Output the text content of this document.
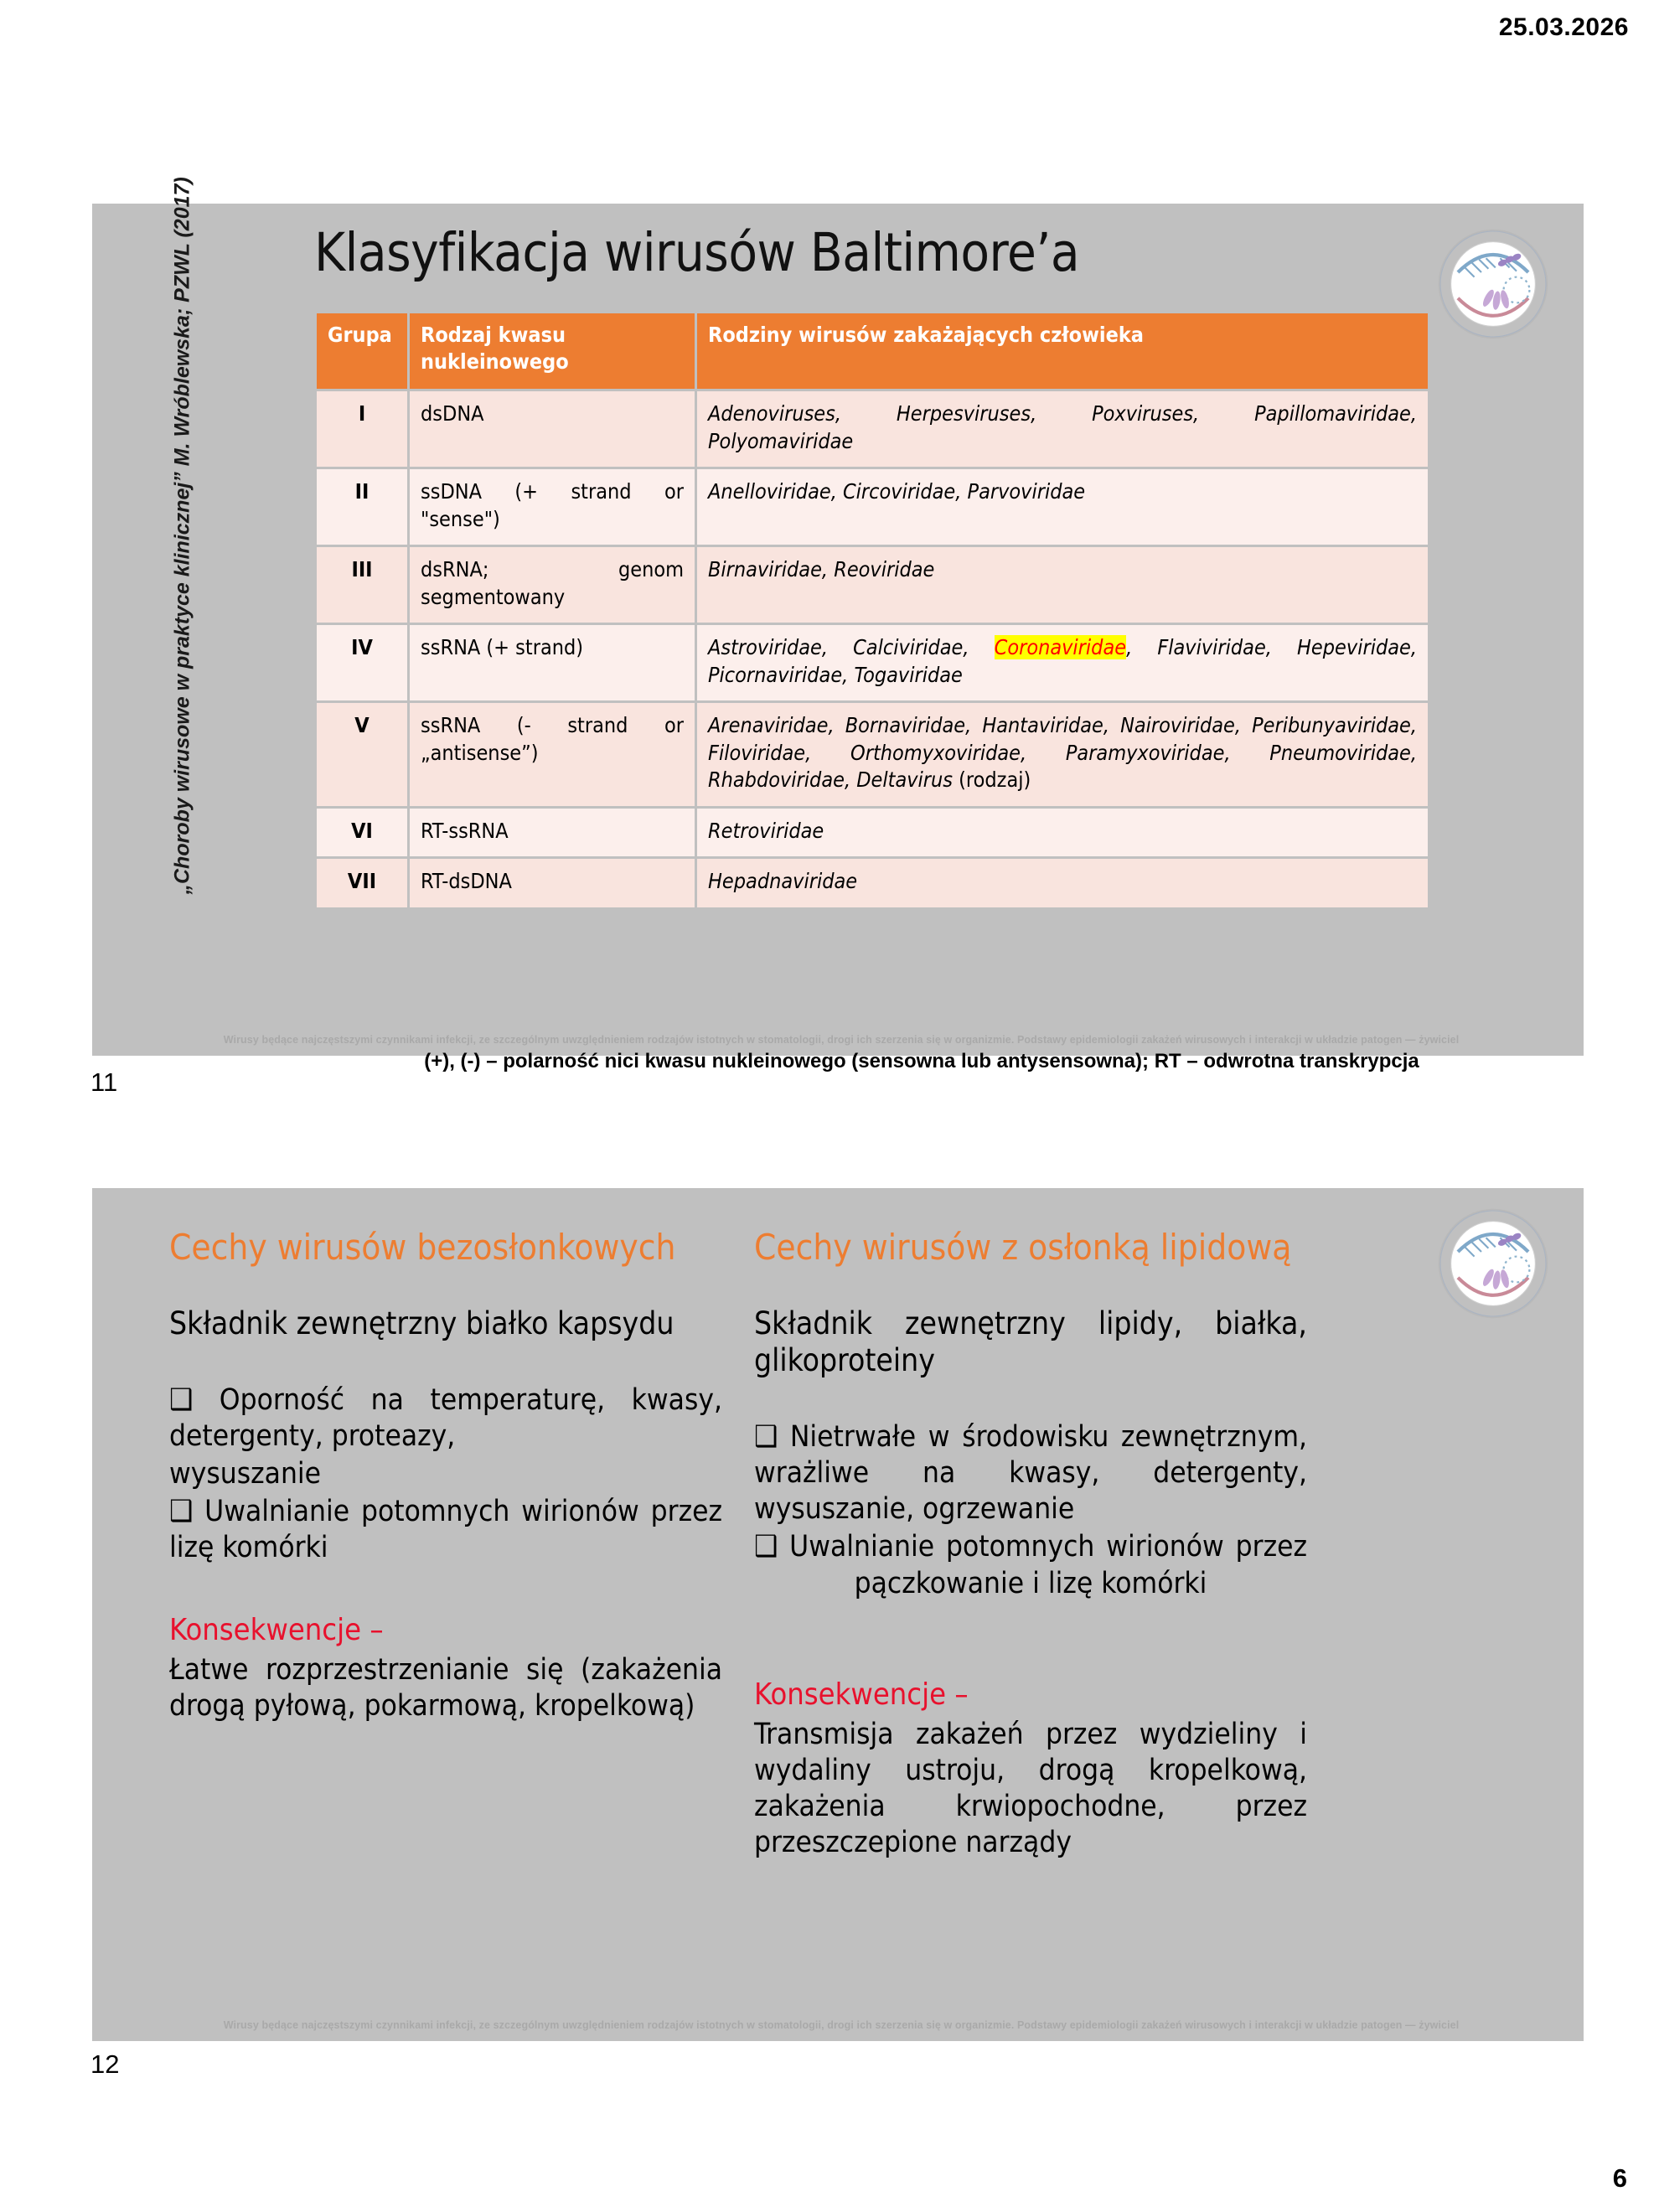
25.03.2026
„Choroby wirusowe w praktyce klinicznej” M. Wróblewska; PZWL (2017) Klasyfikacja wirusów Baltimore’a
Grupa	Rodzaj kwasu nukleinowego	Rodziny wirusów zakażających człowieka
I	dsDNA	Adenoviruses, Herpesviruses, Poxviruses, Papillomaviridae, Polyomaviridae
II	ssDNA (+ strand or "sense")	Anelloviridae, Circoviridae, Parvoviridae
III	dsRNA; genom segmentowany	Birnaviridae, Reoviridae
IV	ssRNA (+ strand)	Astroviridae, Calciviridae, Coronaviridae, Flaviviridae, Hepeviridae, Picornaviridae, Togaviridae
V	ssRNA (- strand or „antisense”)	Arenaviridae, Bornaviridae, Hantaviridae, Nairoviridae, Peribunyaviridae, Filoviridae, Orthomyxoviridae, Paramyxoviridae, Pneumoviridae, Rhabdoviridae, Deltavirus (rodzaj)
VI	RT-ssRNA	Retroviridae
VII	RT-dsDNA	Hepadnaviridae
(+), (-) – polarność nici kwasu nukleinowego (sensowna lub antysensowna); RT – odwrotna transkrypcja
Wirusy będące najczęstszymi czynnikami infekcji, ze szczególnym uwzględnieniem rodzajów istotnych w stomatologii, drogi ich szerzenia się w organizmie. Podstawy epidemiologii zakażeń wirusowych i interakcji w układzie patogen — żywiciel
11
Cechy wirusów bezosłonkowych
Składnik zewnętrzny białko kapsydu
❑ Oporność na temperaturę, kwasy, detergenty, proteazy,
wysuszanie
❑ Uwalnianie potomnych wirionów przez lizę komórki
Konsekwencje –
Łatwe rozprzestrzenianie się (zakażenia drogą pyłową, pokarmową, kropelkową)
Cechy wirusów z osłonką lipidową
Składnik zewnętrzny lipidy, białka, glikoproteiny
❑ Nietrwałe w środowisku zewnętrznym, wrażliwe na kwasy, detergenty, wysuszanie, ogrzewanie
❑ Uwalnianie potomnych wirionów przez pączkowanie i lizę komórki
Konsekwencje –
Transmisja zakażeń przez wydzieliny i wydaliny ustroju, drogą kropelkową, zakażenia krwiopochodne, przez przeszczepione narządy
Wirusy będące najczęstszymi czynnikami infekcji, ze szczególnym uwzględnieniem rodzajów istotnych w stomatologii, drogi ich szerzenia się w organizmie. Podstawy epidemiologii zakażeń wirusowych i interakcji w układzie patogen — żywiciel
12
6
